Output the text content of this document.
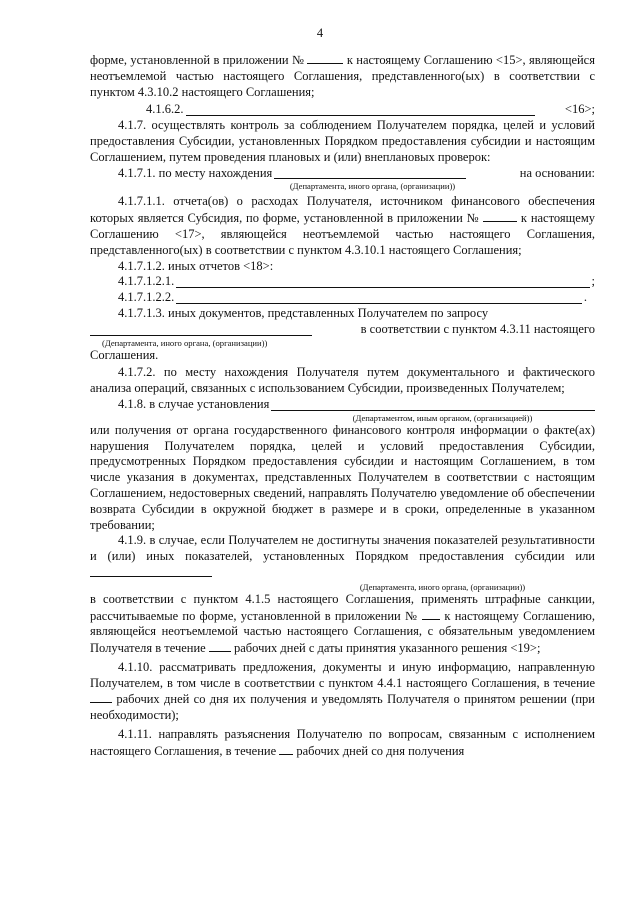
4

форме, установленной в приложении №	к настоящему Соглашению <15>, являющейся неотъемлемой частью настоящего Соглашения, представленного(ых) в соответствии с пунктом 4.3.10.2 настоящего Соглашения;

4.1.6.2.	<16>;

4.1.7. осуществлять контроль за соблюдением Получателем порядка, целей и условий предоставления Субсидии, установленных Порядком предоставления субсидии и настоящим Соглашением, путем проведения плановых и (или) внеплановых проверок:

4.1.7.1. по месту нахождения	на основании:
(Департамента, иного органа, (организации))

4.1.7.1.1. отчета(ов) о расходах Получателя, источником финансового обеспечения которых является Субсидия, по форме, установленной в приложении №	к настоящему Соглашению <17>, являющейся неотъемлемой частью настоящего Соглашения, представленного(ых) в соответствии с пунктом 4.3.10.1 настоящего Соглашения;

4.1.7.1.2. иных отчетов <18>:

4.1.7.1.2.1.	;
4.1.7.1.2.2.	.

4.1.7.1.3. иных документов, представленных Получателем по запросу

в соответствии с пунктом 4.3.11 настоящего
(Департамента, иного органа, (организации))

Соглашения.

4.1.7.2. по месту нахождения Получателя путем документального и фактического анализа операций, связанных с использованием Субсидии, произведенных Получателем;

4.1.8. в случае установления
(Департаментом, иным органом, (организацией))

или получения от органа государственного финансового контроля информации о факте(ах) нарушения Получателем порядка, целей и условий предоставления Субсидии, предусмотренных Порядком предоставления субсидии и настоящим Соглашением, в том числе указания в документах, представленных Получателем в соответствии с настоящим Соглашением, недостоверных сведений, направлять Получателю уведомление об обеспечении возврата Субсидии в окружной бюджет в размере и в сроки, определенные в указанном требовании;

4.1.9. в случае, если Получателем не достигнуты значения показателей результативности и (или) иных показателей, установленных Порядком предоставления субсидии или

(Департамента, иного органа, (организации))

в соответствии с пунктом 4.1.5 настоящего Соглашения, применять штрафные санкции, рассчитываемые по форме, установленной в приложении № к настоящему Соглашению, являющейся неотъемлемой частью настоящего Соглашения, с обязательным уведомлением Получателя в течение рабочих дней с даты принятия указанного решения <19>;

4.1.10. рассматривать предложения, документы и иную информацию, направленную Получателем, в том числе в соответствии с пунктом 4.4.1 настоящего Соглашения, в течение  рабочих дней со дня их получения и уведомлять Получателя о принятом решении (при необходимости);

4.1.11. направлять разъяснения Получателю по вопросам, связанным с исполнением настоящего Соглашения, в течение рабочих дней со дня получения
